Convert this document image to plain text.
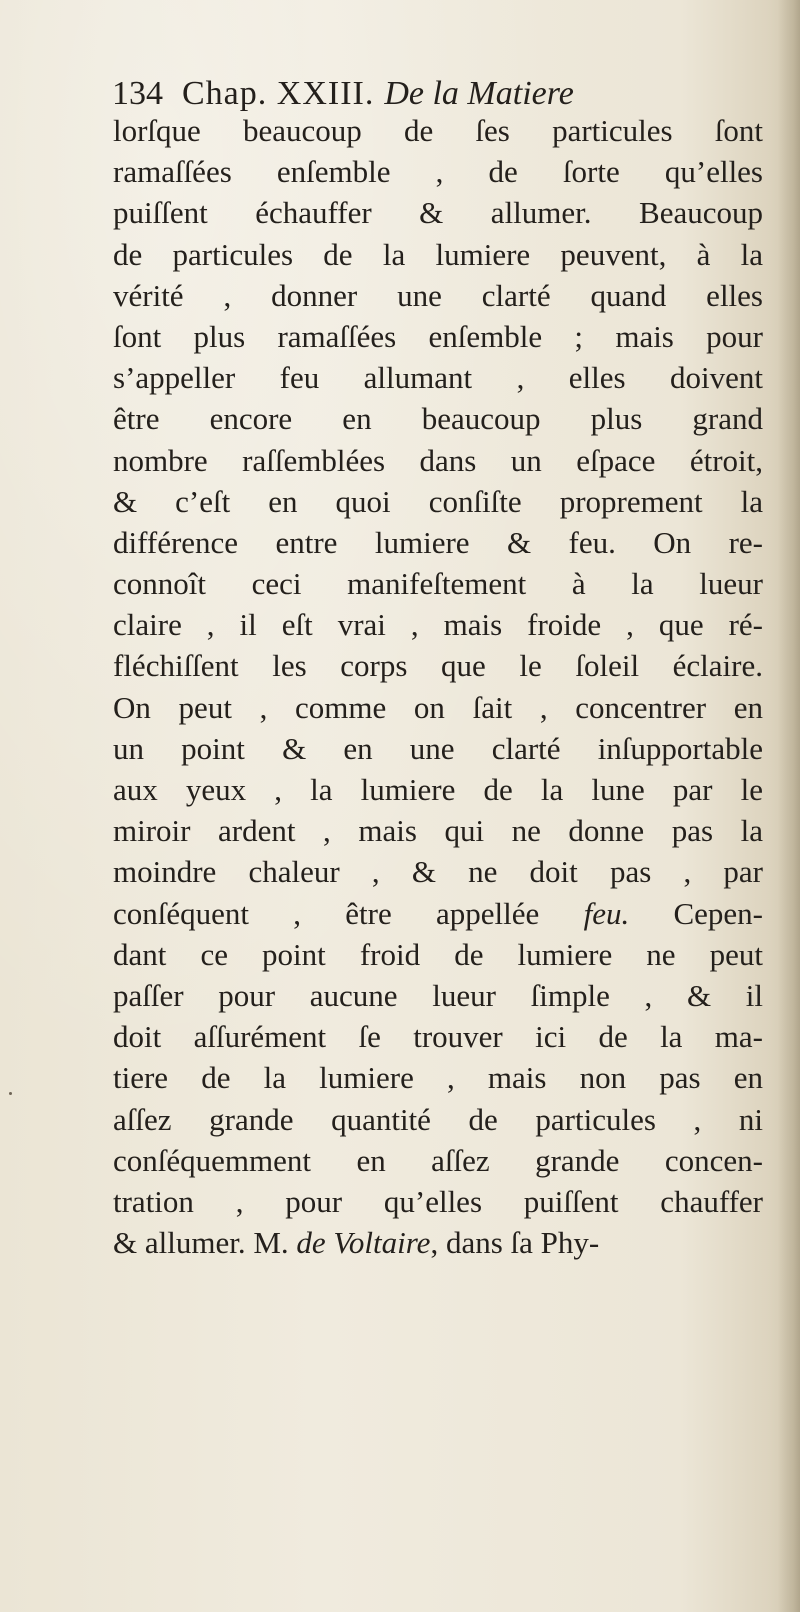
134 Chap. XXIII. De la Matiere
lorſque beaucoup de ſes particules ſont
ramaſſées enſemble , de ſorte qu’elles
puiſſent échauffer & allumer. Beaucoup
de particules de la lumiere peuvent, à la
vérité , donner une clarté quand elles
ſont plus ramaſſées enſemble ; mais pour
s’appeller feu allumant , elles doivent
être encore en beaucoup plus grand
nombre raſſemblées dans un eſpace étroit,
& c’eſt en quoi conſiſte proprement la
différence entre lumiere & feu. On re-
connoît ceci manifeſtement à la lueur
claire , il eſt vrai , mais froide , que ré-
fléchiſſent les corps que le ſoleil éclaire.
On peut , comme on ſait , concentrer en
un point & en une clarté inſupportable
aux yeux , la lumiere de la lune par le
miroir ardent , mais qui ne donne pas la
moindre chaleur , & ne doit pas , par
conſéquent , être appellée feu. Cepen-
dant ce point froid de lumiere ne peut
paſſer pour aucune lueur ſimple , & il
doit aſſurément ſe trouver ici de la ma-
tiere de la lumiere , mais non pas en
aſſez grande quantité de particules , ni
conſéquemment en aſſez grande concen-
tration , pour qu’elles puiſſent chauffer
& allumer. M. de Voltaire, dans ſa Phy-
